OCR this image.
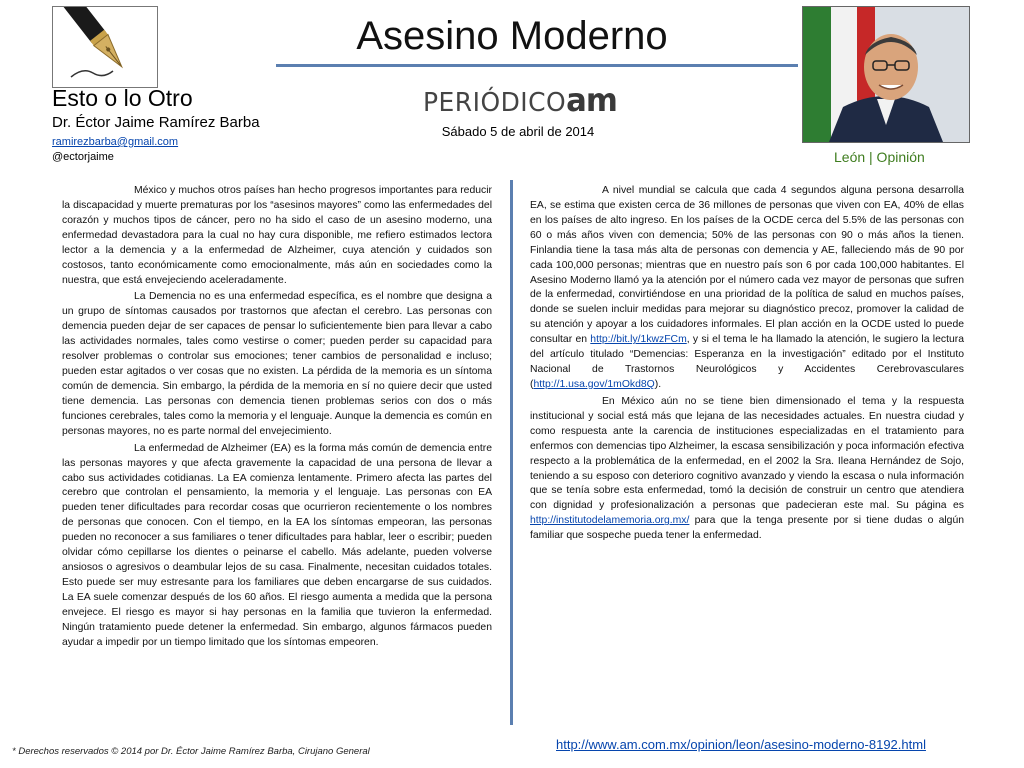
Asesino Moderno
Esto o lo Otro
Dr. Éctor Jaime Ramírez Barba
ramirezbarba@gmail.com
@ectorjaime
PERIÓDICOam
Sábado 5 de abril de 2014
León | Opinión

México y muchos otros países han hecho progresos importantes para reducir la discapacidad y muerte prematuras por los “asesinos mayores” como las enfermedades del corazón y muchos tipos de cáncer, pero no ha sido el caso de un asesino moderno, una enfermedad devastadora para la cual no hay cura disponible, me refiero estimados lectora lector a la demencia y a la enfermedad de Alzheimer, cuya atención y cuidados son costosos, tanto económicamente como emocionalmente, más aún en sociedades como la nuestra, que está envejeciendo aceleradamente.

La Demencia no es una enfermedad específica, es el nombre que designa a un grupo de síntomas causados por trastornos que afectan el cerebro. Las personas con demencia pueden dejar de ser capaces de pensar lo suficientemente bien para llevar a cabo las actividades normales, tales como vestirse o comer; pueden perder su capacidad para resolver problemas o controlar sus emociones; tener cambios de personalidad e incluso; pueden estar agitados o ver cosas que no existen. La pérdida de la memoria es un síntoma común de demencia. Sin embargo, la pérdida de la memoria en sí no quiere decir que usted tiene demencia. Las personas con demencia tienen problemas serios con dos o más funciones cerebrales, tales como la memoria y el lenguaje. Aunque la demencia es común en personas mayores, no es parte normal del envejecimiento.

La enfermedad de Alzheimer (EA) es la forma más común de demencia entre las personas mayores y que afecta gravemente la capacidad de una persona de llevar a cabo sus actividades cotidianas. La EA comienza lentamente. Primero afecta las partes del cerebro que controlan el pensamiento, la memoria y el lenguaje. Las personas con EA pueden tener dificultades para recordar cosas que ocurrieron recientemente o los nombres de personas que conocen. Con el tiempo, en la EA los síntomas empeoran, las personas pueden no reconocer a sus familiares o tener dificultades para hablar, leer o escribir; pueden olvidar cómo cepillarse los dientes o peinarse el cabello. Más adelante, pueden volverse ansiosos o agresivos o deambular lejos de su casa. Finalmente, necesitan cuidados totales. Esto puede ser muy estresante para los familiares que deben encargarse de sus cuidados. La EA suele comenzar después de los 60 años. El riesgo aumenta a medida que la persona envejece. El riesgo es mayor si hay personas en la familia que tuvieron la enfermedad. Ningún tratamiento puede detener la enfermedad. Sin embargo, algunos fármacos pueden ayudar a impedir por un tiempo limitado que los síntomas empeoren.

A nivel mundial se calcula que cada 4 segundos alguna persona desarrolla EA, se estima que existen cerca de 36 millones de personas que viven con EA, 40% de ellas en los países de alto ingreso. En los países de la OCDE cerca del 5.5% de las personas con 60 o más años viven con demencia; 50% de las personas con 90 o más años la tienen. Finlandia tiene la tasa más alta de personas con demencia y AE, falleciendo más de 90 por cada 100,000 personas; mientras que en nuestro país son 6 por cada 100,000 habitantes. El Asesino Moderno llamó ya la atención por el número cada vez mayor de personas que sufren de la enfermedad, convirtiéndose en una prioridad de la política de salud en muchos países, donde se suelen incluir medidas para mejorar su diagnóstico precoz, promover la calidad de su atención y apoyar a los cuidadores informales. El plan acción en la OCDE usted lo puede consultar en http://bit.ly/1kwzFCm, y si el tema le ha llamado la atención, le sugiero la lectura del artículo titulado “Demencias: Esperanza en la investigación” editado por el Instituto Nacional de Trastornos Neurológicos y Accidentes Cerebrovasculares (http://1.usa.gov/1mOkd8Q).

En México aún no se tiene bien dimensionado el tema y la respuesta institucional y social está más que lejana de las necesidades actuales. En nuestra ciudad y como respuesta ante la carencia de instituciones especializadas en el tratamiento para enfermos con demencias tipo Alzheimer, la escasa sensibilización y poca información efectiva respecto a la problemática de la enfermedad, en el 2002 la Sra. Ileana Hernández de Sojo, teniendo a su esposo con deterioro cognitivo avanzado y viendo la escasa o nula información que se tenía sobre esta enfermedad, tomó la decisión de construir un centro que atendiera con dignidad y profesionalización a personas que padecieran este mal. Su página es http://institutodelamemoria.org.mx/ para que la tenga presente por si tiene dudas o algún familiar que sospeche pueda tener la enfermedad.

http://www.am.com.mx/opinion/leon/asesino-moderno-8192.html
* Derechos reservados © 2014 por Dr. Éctor Jaime Ramírez Barba, Cirujano General
